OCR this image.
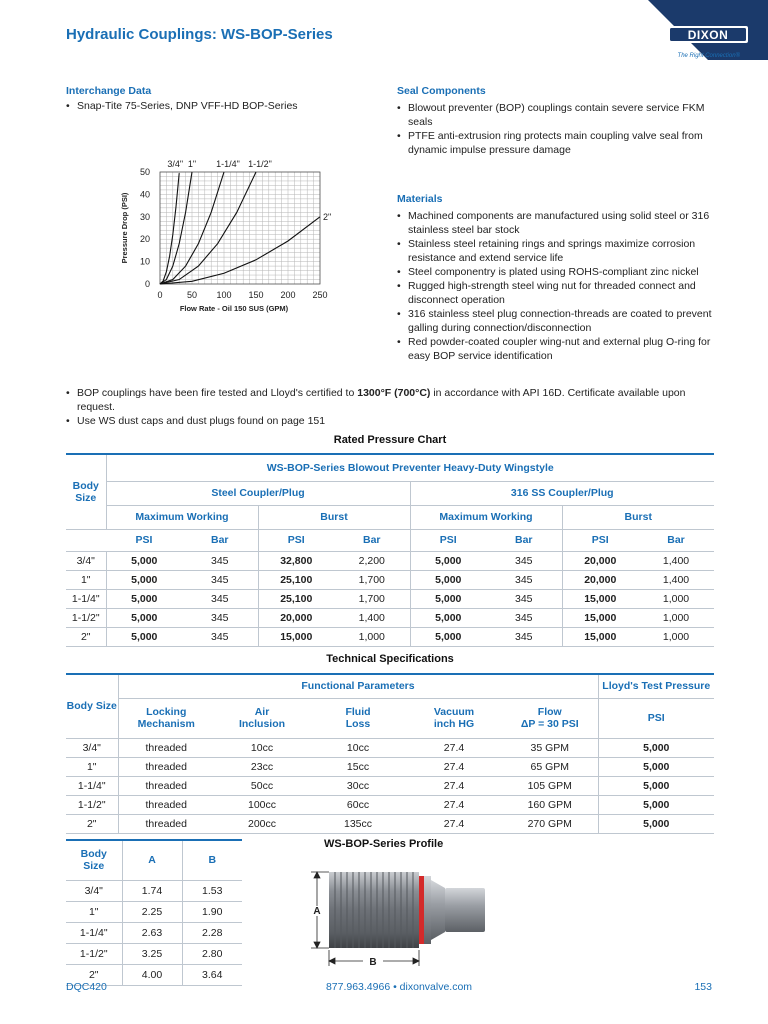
Hydraulic Couplings: WS-BOP-Series	DIXON
The Right Connection®
Interchange Data
• Snap-Tite 75-Series, DNP VFF-HD BOP-Series
Seal Components
• Blowout preventer (BOP) couplings contain severe service FKM seals
• PTFE anti-extrusion ring protects main coupling valve seal from dynamic impulse pressure damage
Materials
• Machined components are manufactured using solid steel or 316 stainless steel bar stock
• Stainless steel retaining rings and springs maximize corrosion resistance and extend service life
• Steel componentry is plated using ROHS-compliant zinc nickel
• Rugged high-strength steel wing nut for threaded connect and disconnect operation
• 316 stainless steel plug connection-threads are coated to prevent galling during connection/disconnection
• Red powder-coated coupler wing-nut and external plug O-ring for easy BOP service identification
0	50 100 150 200 250
0
10
20
30
40
50
Flow Rate - Oil 150 SUS (GPM)
Pressure Drop (PSI)
3/4" 1" 1-1/4" 1-1/2"
2"
• BOP couplings have been fire tested and Lloyd's certified to 1300°F (700°C) in accordance with API 16D. Certificate available upon request.
• Use WS dust caps and dust plugs found on page 151
Rated Pressure Chart
Body Size	WS-BOP-Series Blowout Preventer Heavy-Duty Wingstyle							
	Steel Coupler/Plug				316 SS Coupler/Plug			
	Maximum Working		Burst		Maximum Working		Burst	
	PSI	Bar	PSI	Bar	PSI	Bar	PSI	Bar
3/4"	5,000	345	32,800	2,200	5,000	345	20,000	1,400
1"	5,000	345	25,100	1,700	5,000	345	20,000	1,400
1-1/4"	5,000	345	25,100	1,700	5,000	345	15,000	1,000
1-1/2"	5,000	345	20,000	1,400	5,000	345	15,000	1,000
2"	5,000	345	15,000	1,000	5,000	345	15,000	1,000
Technical Specifications
Body Size	Functional Parameters					Lloyd's Test Pressure
	Locking Mechanism	Air Inclusion	Fluid Loss	Vacuum inch HG	Flow
ΔP = 30 PSI	PSI
3/4"	threaded	10cc	10cc	27.4	35 GPM	5,000
1"	threaded	23cc	15cc	27.4	65 GPM	5,000
1-1/4"	threaded	50cc	30cc	27.4	105 GPM	5,000
1-1/2"	threaded	100cc	60cc	27.4	160 GPM	5,000
2"	threaded	200cc	135cc	27.4	270 GPM	5,000
Body Size	A	B
3/4"	1.74	1.53
1"	2.25	1.90
1-1/4"	2.63	2.28
1-1/2"	3.25	2.80
2"	4.00	3.64
WS-BOP-Series Profile
A
B
DQC420	877.963.4966 • dixonvalve.com	153
